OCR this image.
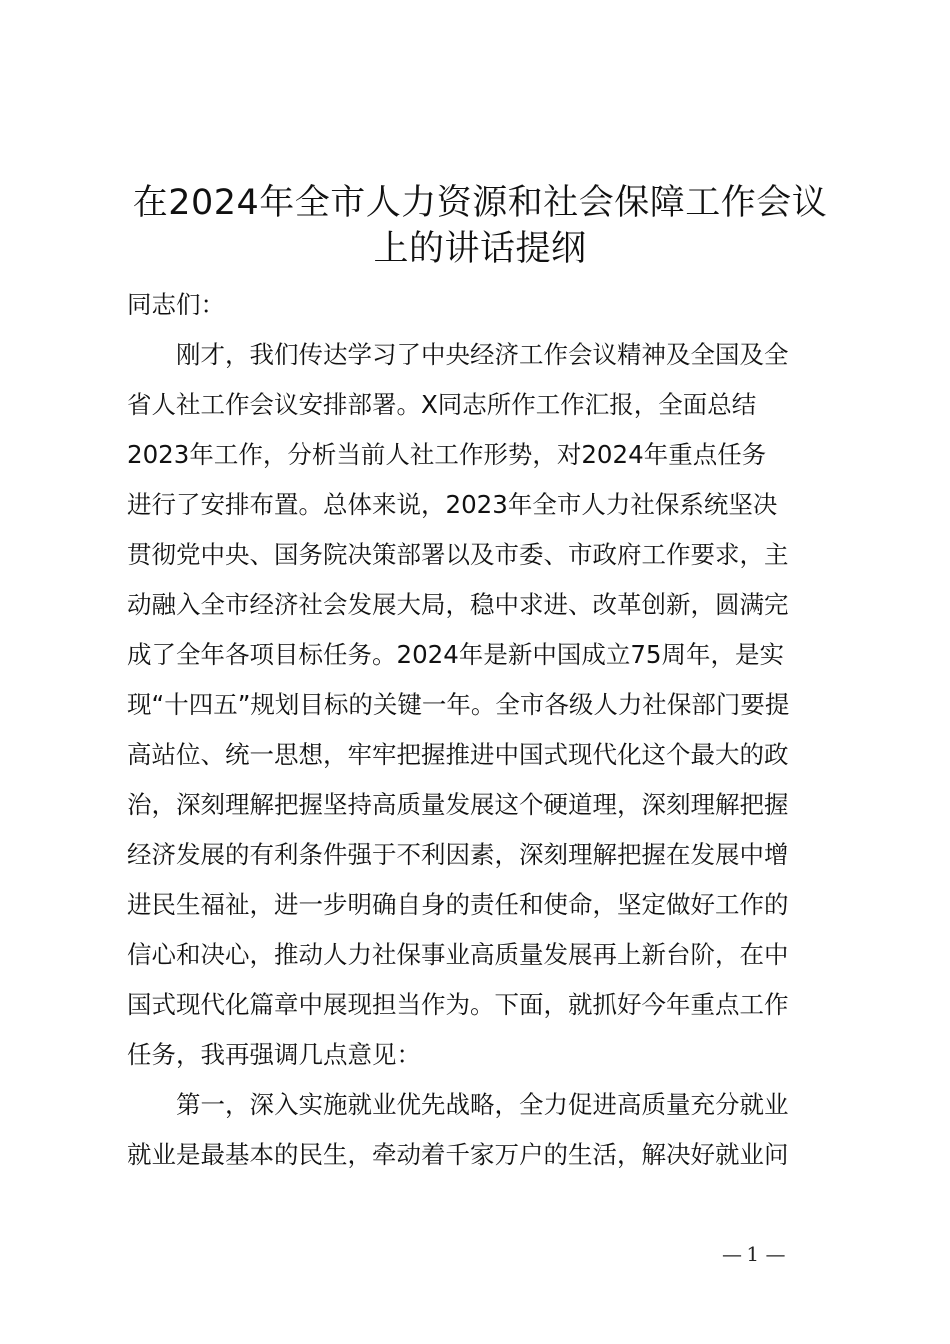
在2024年全市人力资源和社会保障工作会议
上的讲话提纲
同志们：
　　刚才，我们传达学习了中央经济工作会议精神及全国及全
省人社工作会议安排部署。X同志所作工作汇报，全面总结
2023年工作，分析当前人社工作形势，对2024年重点任务
进行了安排布置。总体来说，2023年全市人力社保系统坚决
贯彻党中央、国务院决策部署以及市委、市政府工作要求，主
动融入全市经济社会发展大局，稳中求进、改革创新，圆满完
成了全年各项目标任务。2024年是新中国成立75周年，是实
现“十四五”规划目标的关键一年。全市各级人力社保部门要提
高站位、统一思想，牢牢把握推进中国式现代化这个最大的政
治，深刻理解把握坚持高质量发展这个硬道理，深刻理解把握
经济发展的有利条件强于不利因素，深刻理解把握在发展中增
进民生福祉，进一步明确自身的责任和使命，坚定做好工作的
信心和决心，推动人力社保事业高质量发展再上新台阶，在中
国式现代化篇章中展现担当作为。下面，就抓好今年重点工作
任务，我再强调几点意见：
　　第一，深入实施就业优先战略，全力促进高质量充分就业
就业是最基本的民生，牵动着千家万户的生活，解决好就业问
— 1 —
